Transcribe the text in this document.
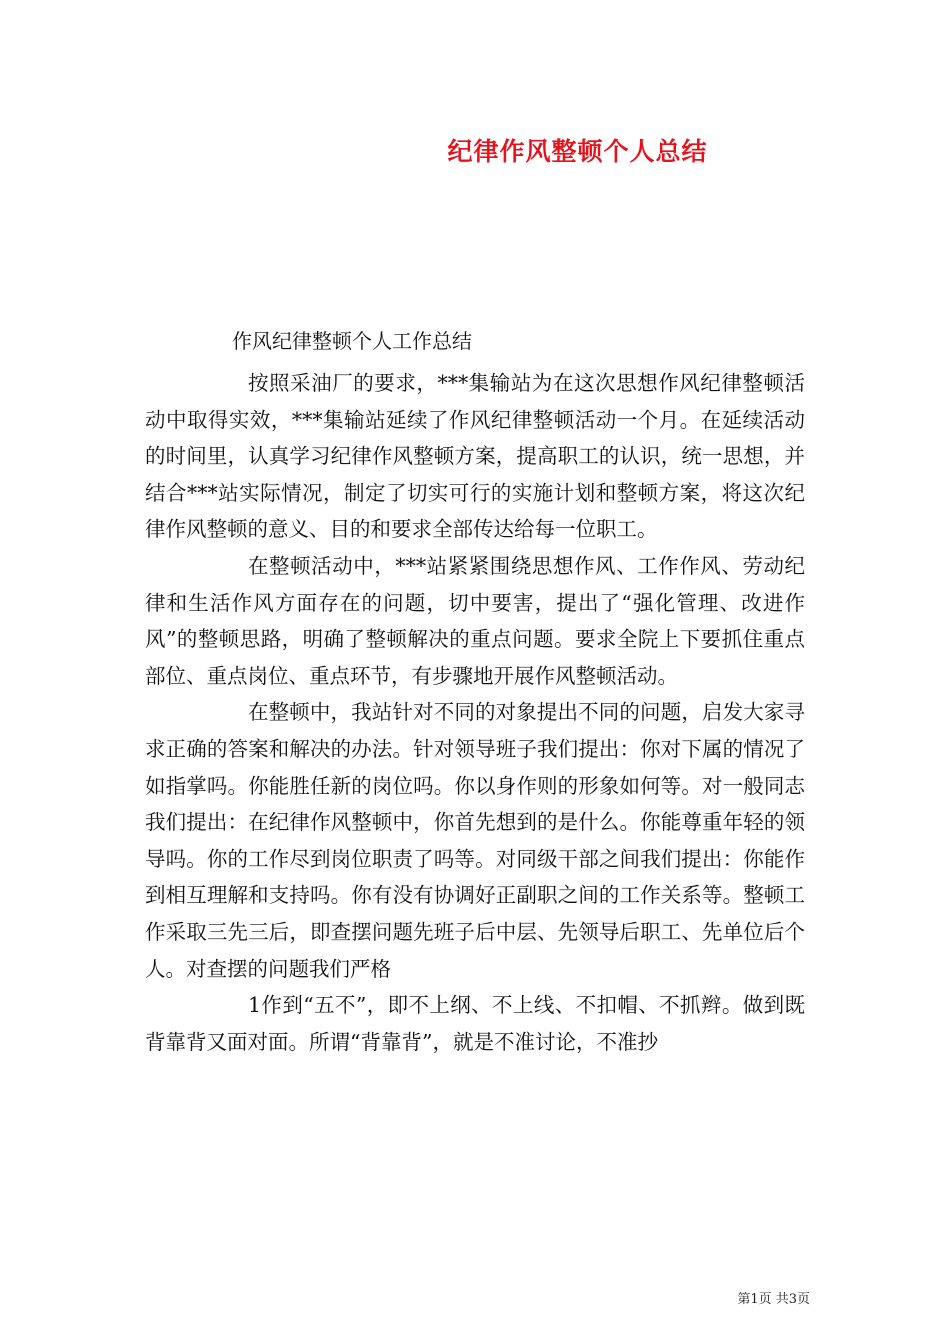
纪律作风整顿个人总结
作风纪律整顿个人工作总结

按照采油厂的要求，***集输站为在这次思想作风纪律整顿活动中取得实效，***集输站延续了作风纪律整顿活动一个月。在延续活动的时间里，认真学习纪律作风整顿方案，提高职工的认识，统一思想，并结合***站实际情况，制定了切实可行的实施计划和整顿方案，将这次纪律作风整顿的意义、目的和要求全部传达给每一位职工。

在整顿活动中，***站紧紧围绕思想作风、工作作风、劳动纪律和生活作风方面存在的问题，切中要害，提出了“强化管理、改进作风”的整顿思路，明确了整顿解决的重点问题。要求全院上下要抓住重点部位、重点岗位、重点环节，有步骤地开展作风整顿活动。

在整顿中，我站针对不同的对象提出不同的问题，启发大家寻求正确的答案和解决的办法。针对领导班子我们提出：你对下属的情况了如指掌吗。你能胜任新的岗位吗。你以身作则的形象如何等。对一般同志我们提出：在纪律作风整顿中，你首先想到的是什么。你能尊重年轻的领导吗。你的工作尽到岗位职责了吗等。对同级干部之间我们提出：你能作到相互理解和支持吗。你有没有协调好正副职之间的工作关系等。整顿工作采取三先三后，即查摆问题先班子后中层、先领导后职工、先单位后个人。对查摆的问题我们严格

1作到“五不”，即不上纲、不上线、不扣帽、不抓辫。做到既背靠背又面对面。所谓“背靠背”，就是不准讨论，不准抄

第1页 共3页
